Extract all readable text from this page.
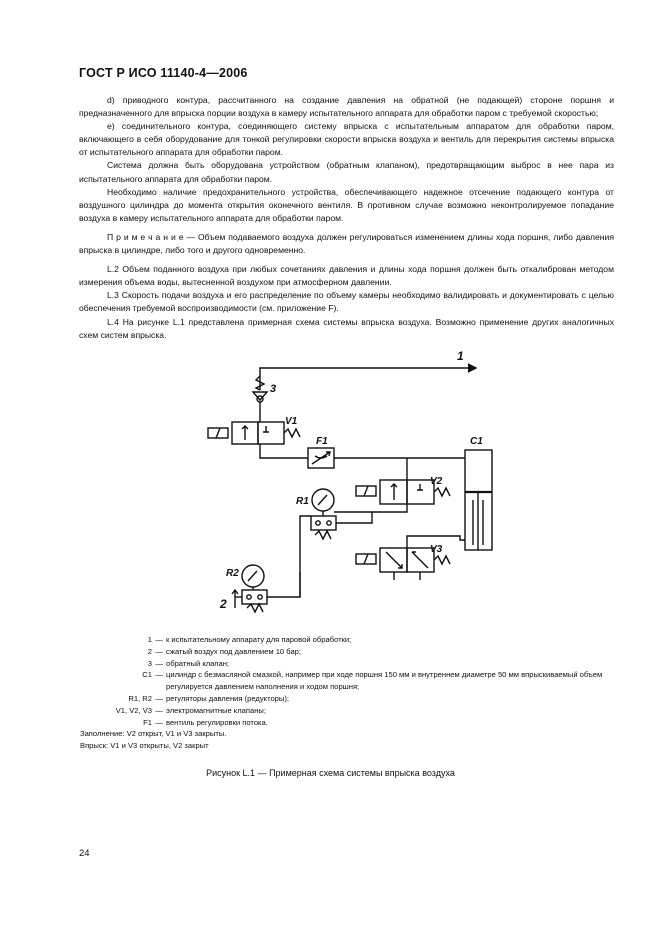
ГОСТ Р ИСО 11140-4—2006

d) приводного контура, рассчитанного на создание давления на обратной (не подающей) стороне поршня и предназначенного для впрыска порции воздуха в камеру испытательного аппарата для обработки паром с требуемой скоростью;

е) соединительного контура, соединяющего систему впрыска с испытательным аппаратом для обработки паром, включающего в себя оборудование для тонкой регулировки скорости впрыска воздуха и вентиль для перекрытия системы впрыска от испытательного аппарата для обработки паром.

Система должна быть оборудована устройством (обратным клапаном), предотвращающим выброс в нее пара из испытательного аппарата для обработки паром.

Необходимо наличие предохранительного устройства, обеспечивающего надежное отсечение подающего контура от воздушного цилиндра до момента открытия оконечного вентиля. В противном случае возможно неконтролируемое попадание воздуха в камеру испытательного аппарата для обработки паром.

П р и м е ч а н и е — Объем подаваемого воздуха должен регулироваться изменением длины хода поршня, либо давления впрыска в цилиндре, либо того и другого одновременно.

L.2 Объем поданного воздуха при любых сочетаниях давления и длины хода поршня должен быть откалиброван методом измерения объема воды, вытесненной воздухом при атмосферном давлении.

L.3 Скорость подачи воздуха и его распределение по объему камеры необходимо валидировать и документировать с целью обеспечения требуемой воспроизводимости (см. приложение F).

L.4 На рисунке L.1 представлена примерная схема системы впрыска воздуха. Возможно применение других аналогичных схем систем впрыска.

1
3
V1
F1	C1
V2
R1
V3
R2
2
1 — к испытательному аппарату для паровой обработки;
2 — сжатый воздух под давлением 10 бар;
3 — обратный клапан;
C1 — цилиндр с безмасляной смазкой, например при ходе поршня 150 мм и внутреннем диаметре 50 мм впрыскиваемый объем регулируется давлением наполнения и ходом поршня;
R1, R2 — регуляторы давления (редукторы);
V1, V2, V3 — электромагнитные клапаны;
F1 — вентиль регулировки потока.
Заполнение: V2 открыт, V1 и V3 закрыты.
Впрыск: V1 и V3 открыты, V2 закрыт
Рисунок L.1 — Примерная схема системы впрыска воздуха
24
